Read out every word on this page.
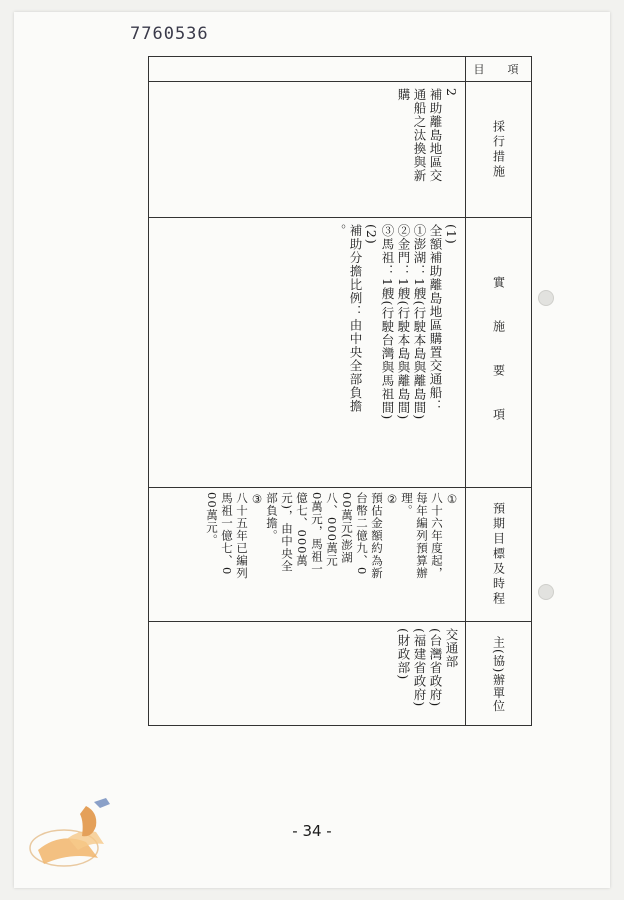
7760536
目　項
採行措施
2
補助離島地區交
通船之汰換與新
購
實　施　要　項
(1)
全額補助離島地區購置交通船：
①澎湖：1艘(行駛本島與離島間)
②金門：1艘(行駛本島與離島間)
③馬祖：1艘(行駛台灣與馬祖間)
(2)
補助分擔比例：由中央全部負擔
。
預期目標及時程
①
八十六年度起，
每年編列預算辦
理。
②
預估金額約為新
台幣二億九、0
00萬元(澎湖
八、000萬元
0萬元，馬祖一
億七、000萬
元)，由中央全
部負擔。
③
八十五年已編列
馬祖一億七、0
00萬元。
主(協)辦單位
交通部
(台灣省政府)
(福建省政府)
(財政部)
- 34 -
